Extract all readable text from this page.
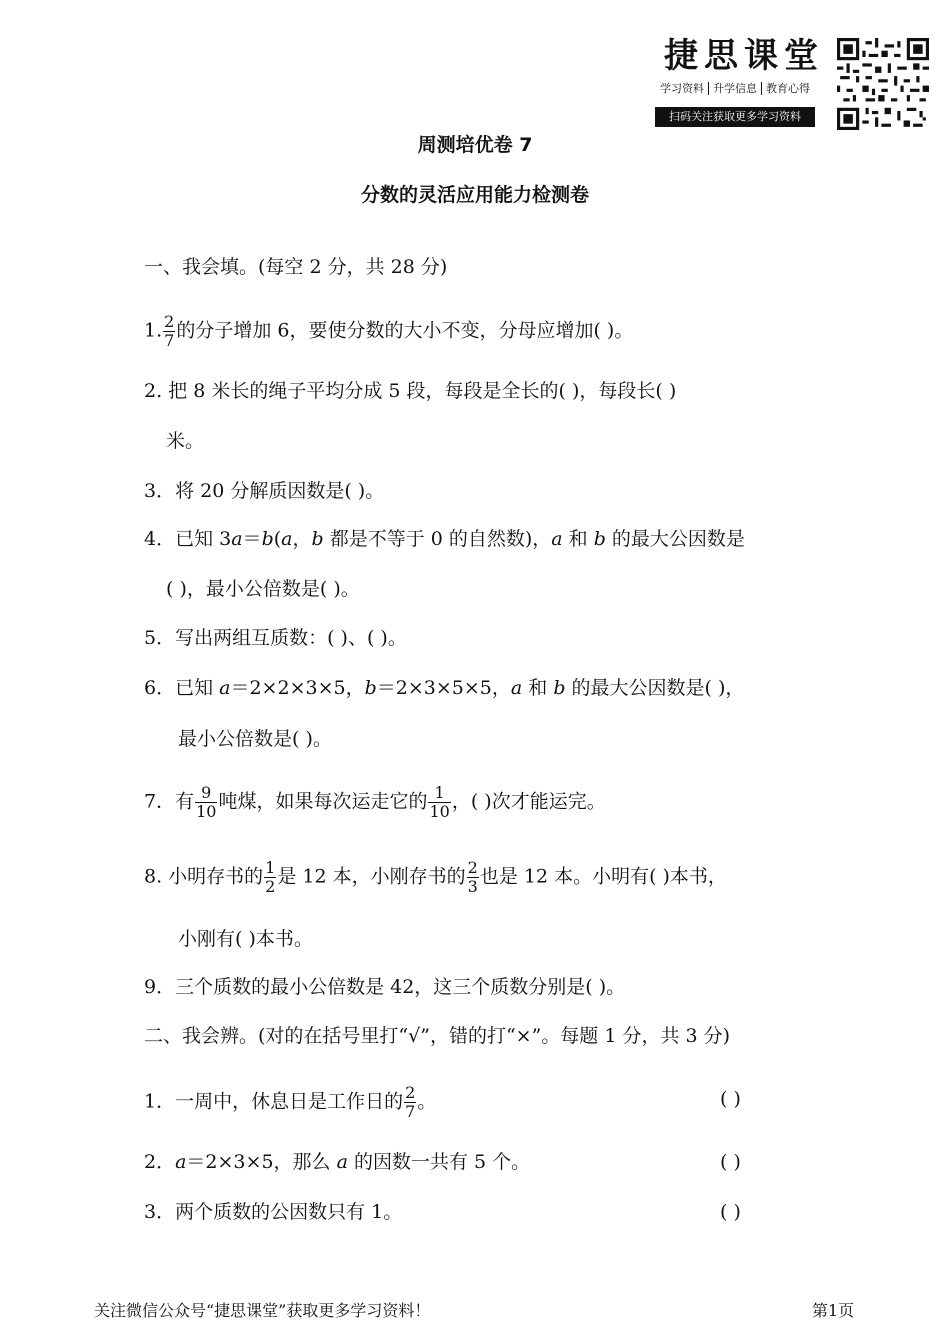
捷思课堂
学习资料 升学信息 教育心得
扫码关注获取更多学习资料
周测培优卷 7
分数的灵活应用能力检测卷
一、我会填。(每空 2 分，共 28 分)
1. $\frac{2}{7}$ 的分子增加 6，要使分数的大小不变，分母应增加( )。
2. 把 8 米长的绳子平均分成 5 段，每段是全长的( )，每段长( )
米。
3．将 20 分解质因数是( )。
4．已知 3a＝b(a，b 都是不等于 0 的自然数)，a 和 b 的最大公因数是
( )，最小公倍数是( )。
5．写出两组互质数：( )、( )。
6．已知 a＝2×2×3×5，b＝2×3×5×5，a 和 b 的最大公因数是( )，
最小公倍数是( )。
7．有 $\frac{9}{10}$ 吨煤，如果每次运走它的 $\frac{1}{10}$ ，( )次才能运完。
8. 小明存书的 $\frac{1}{2}$ 是 12 本，小刚存书的 $\frac{2}{3}$ 也是 12 本。小明有( )本书，
小刚有( )本书。
9．三个质数的最小公倍数是 42，这三个质数分别是( )。
二、我会辨。(对的在括号里打“√”，错的打“×”。每题 1 分，共 3 分)
1．一周中，休息日是工作日的 $\frac{2}{7}$ 。	( )
2．a＝2×3×5，那么 a 的因数一共有 5 个。	( )
3．两个质数的公因数只有 1。	( )
关注微信公众号“捷思课堂”获取更多学习资料！	第1页
